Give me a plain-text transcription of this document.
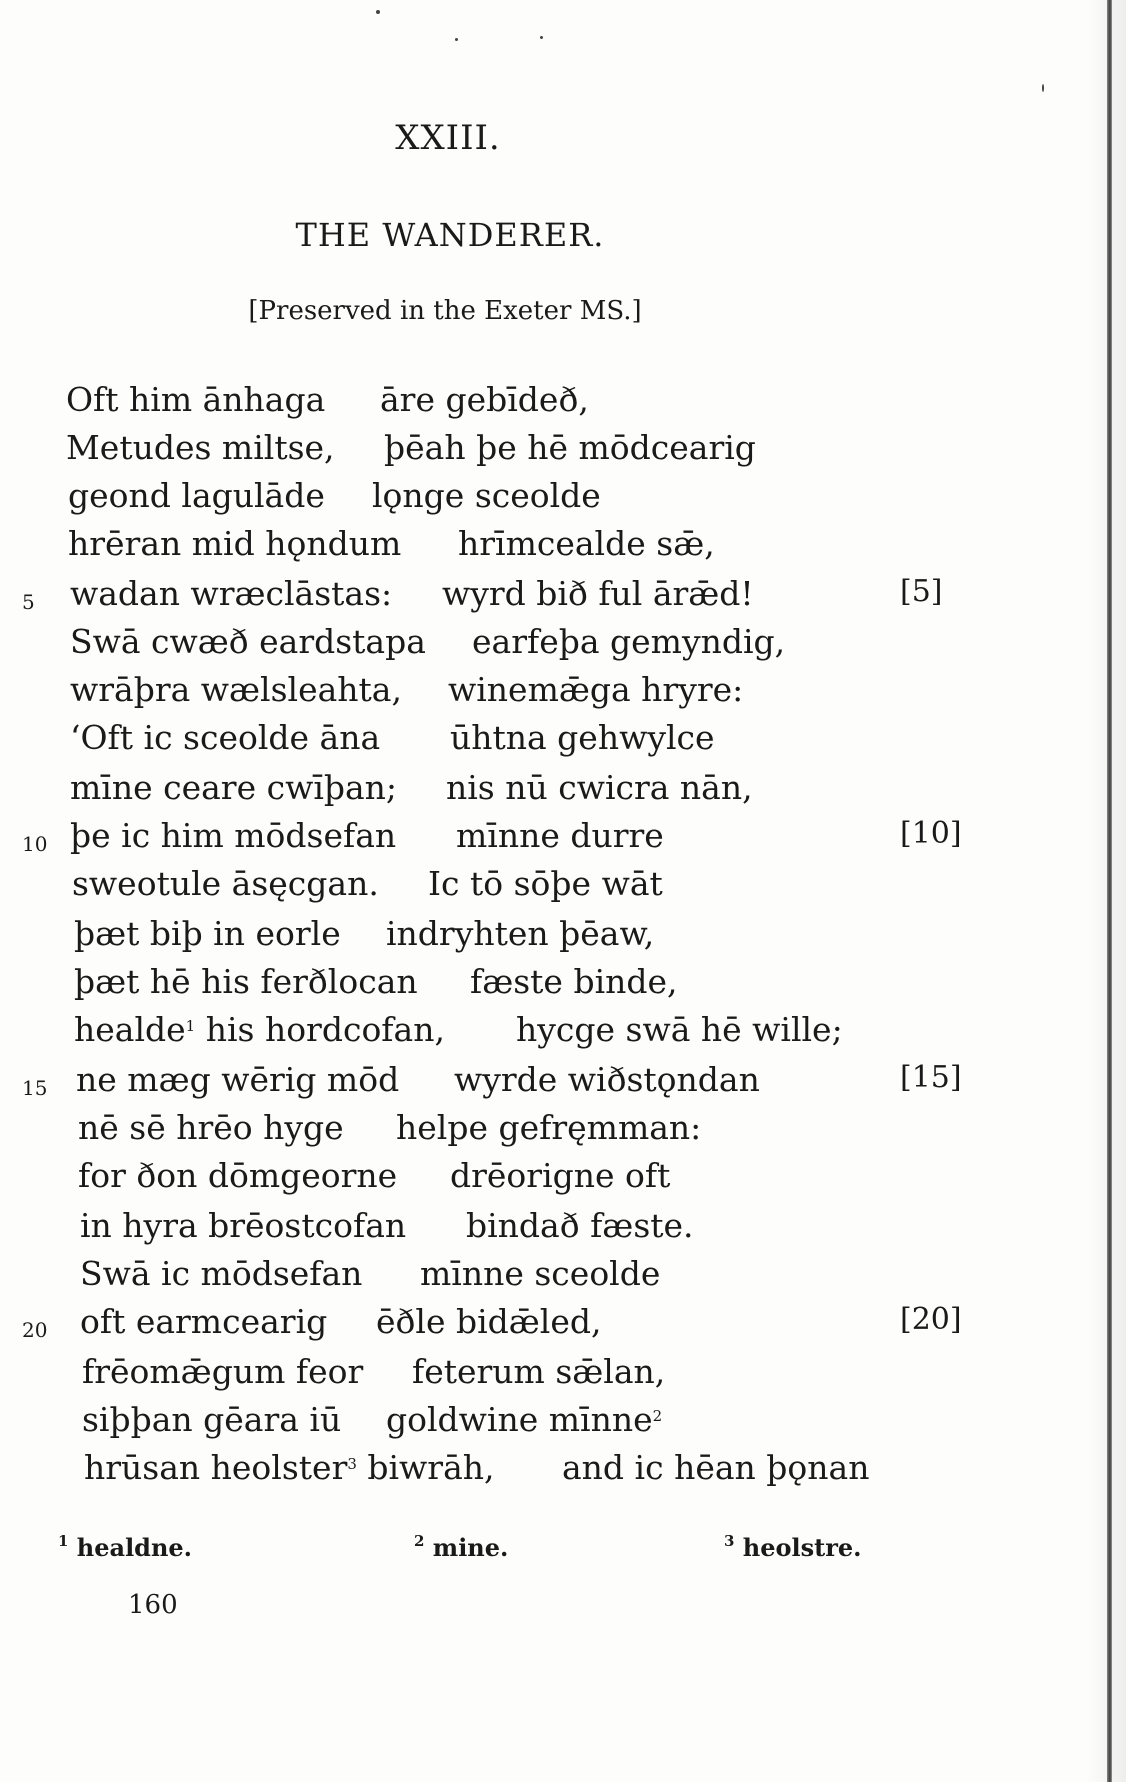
XXIII.
THE WANDERER.
[Preserved in the Exeter MS.]
Oft him ānhaga āre gebīdeð,
Metudes miltse, þēah þe hē mōdcearig
geond lagulāde lǫnge sceolde
hrēran mid hǫndum hrīmcealde sǣ,
5	wadan wræclāstas: wyrd bið ful ārǣd!	[5]
Swā cwæð eardstapa earfeþa gemyndig,
wrāþra wælsleahta, winemǣga hryre:
‘Oft ic sceolde āna ūhtna gehwylce
mīne ceare cwīþan; nis nū cwicra nān,
10 þe ic him mōdsefan mīnne durre	[10]
sweotule āsęcgan. Ic tō sōþe wāt
þæt biþ in eorle indryhten þēaw,
þæt hē his ferðlocan fæste binde,
healde$^1$ his hordcofan, hycge swā hē wille;
15 ne mæg wērig mōd wyrde wiðstǫndan	[15]
nē sē hrēo hyge helpe gefręmman:
for ðon dōmgeorne drēorigne oft
in hyra brēostcofan bindað fæste.
Swā ic mōdsefan mīnne sceolde
20 oft earmcearig ēðle bidǣled,	[20]
frēomǣgum feor feterum sǣlan,
siþþan gēara iū goldwine mīnne$^2$
hrūsan heolster$^3$ biwrāh, and ic hēan þǫnan
$^1$ healdne.	$^2$ mine.	$^3$ heolstre.
160
